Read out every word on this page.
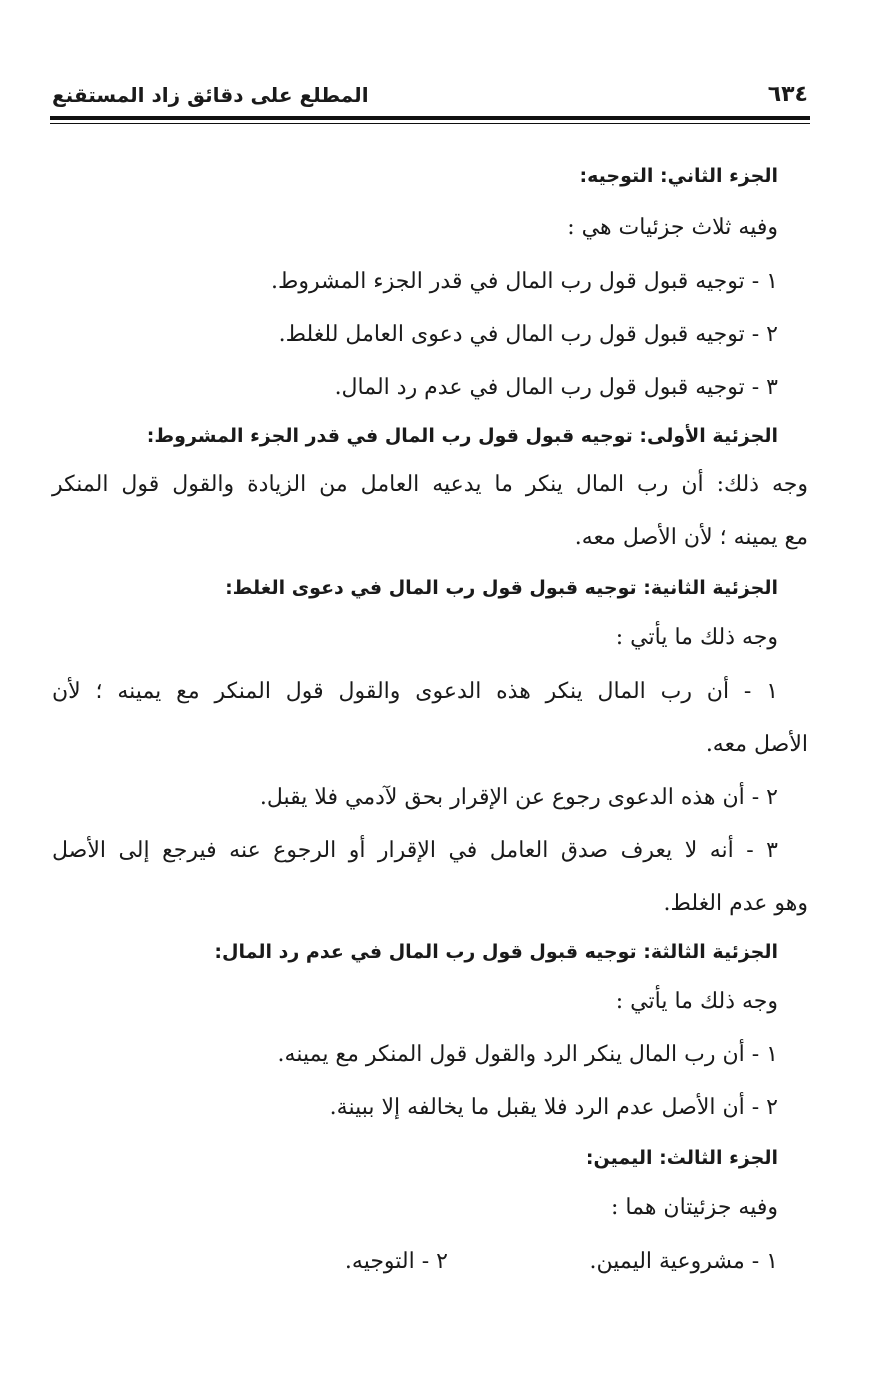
٦٣٤
المطلع على دقائق زاد المستقنع
الجزء الثاني: التوجيه:
وفيه ثلاث جزئيات هي :
١ - توجيه قبول قول رب المال في قدر الجزء المشروط.
٢ - توجيه قبول قول رب المال في دعوى العامل للغلط.
٣ - توجيه قبول قول رب المال في عدم رد المال.
الجزئية الأولى: توجيه قبول قول رب المال في قدر الجزء المشروط:
وجه ذلك: أن رب المال ينكر ما يدعيه العامل من الزيادة والقول قول المنكر
مع يمينه ؛ لأن الأصل معه.
الجزئية الثانية: توجيه قبول قول رب المال في دعوى الغلط:
وجه ذلك ما يأتي :
١ - أن رب المال ينكر هذه الدعوى والقول قول المنكر مع يمينه ؛ لأن
الأصل معه.
٢ - أن هذه الدعوى رجوع عن الإقرار بحق لآدمي فلا يقبل.
٣ - أنه لا يعرف صدق العامل في الإقرار أو الرجوع عنه فيرجع إلى الأصل
وهو عدم الغلط.
الجزئية الثالثة: توجيه قبول قول رب المال في عدم رد المال:
وجه ذلك ما يأتي :
١ - أن رب المال ينكر الرد والقول قول المنكر مع يمينه.
٢ - أن الأصل عدم الرد فلا يقبل ما يخالفه إلا ببينة.
الجزء الثالث: اليمين:
وفيه جزئيتان هما :
١ - مشروعية اليمين.
٢ - التوجيه.
